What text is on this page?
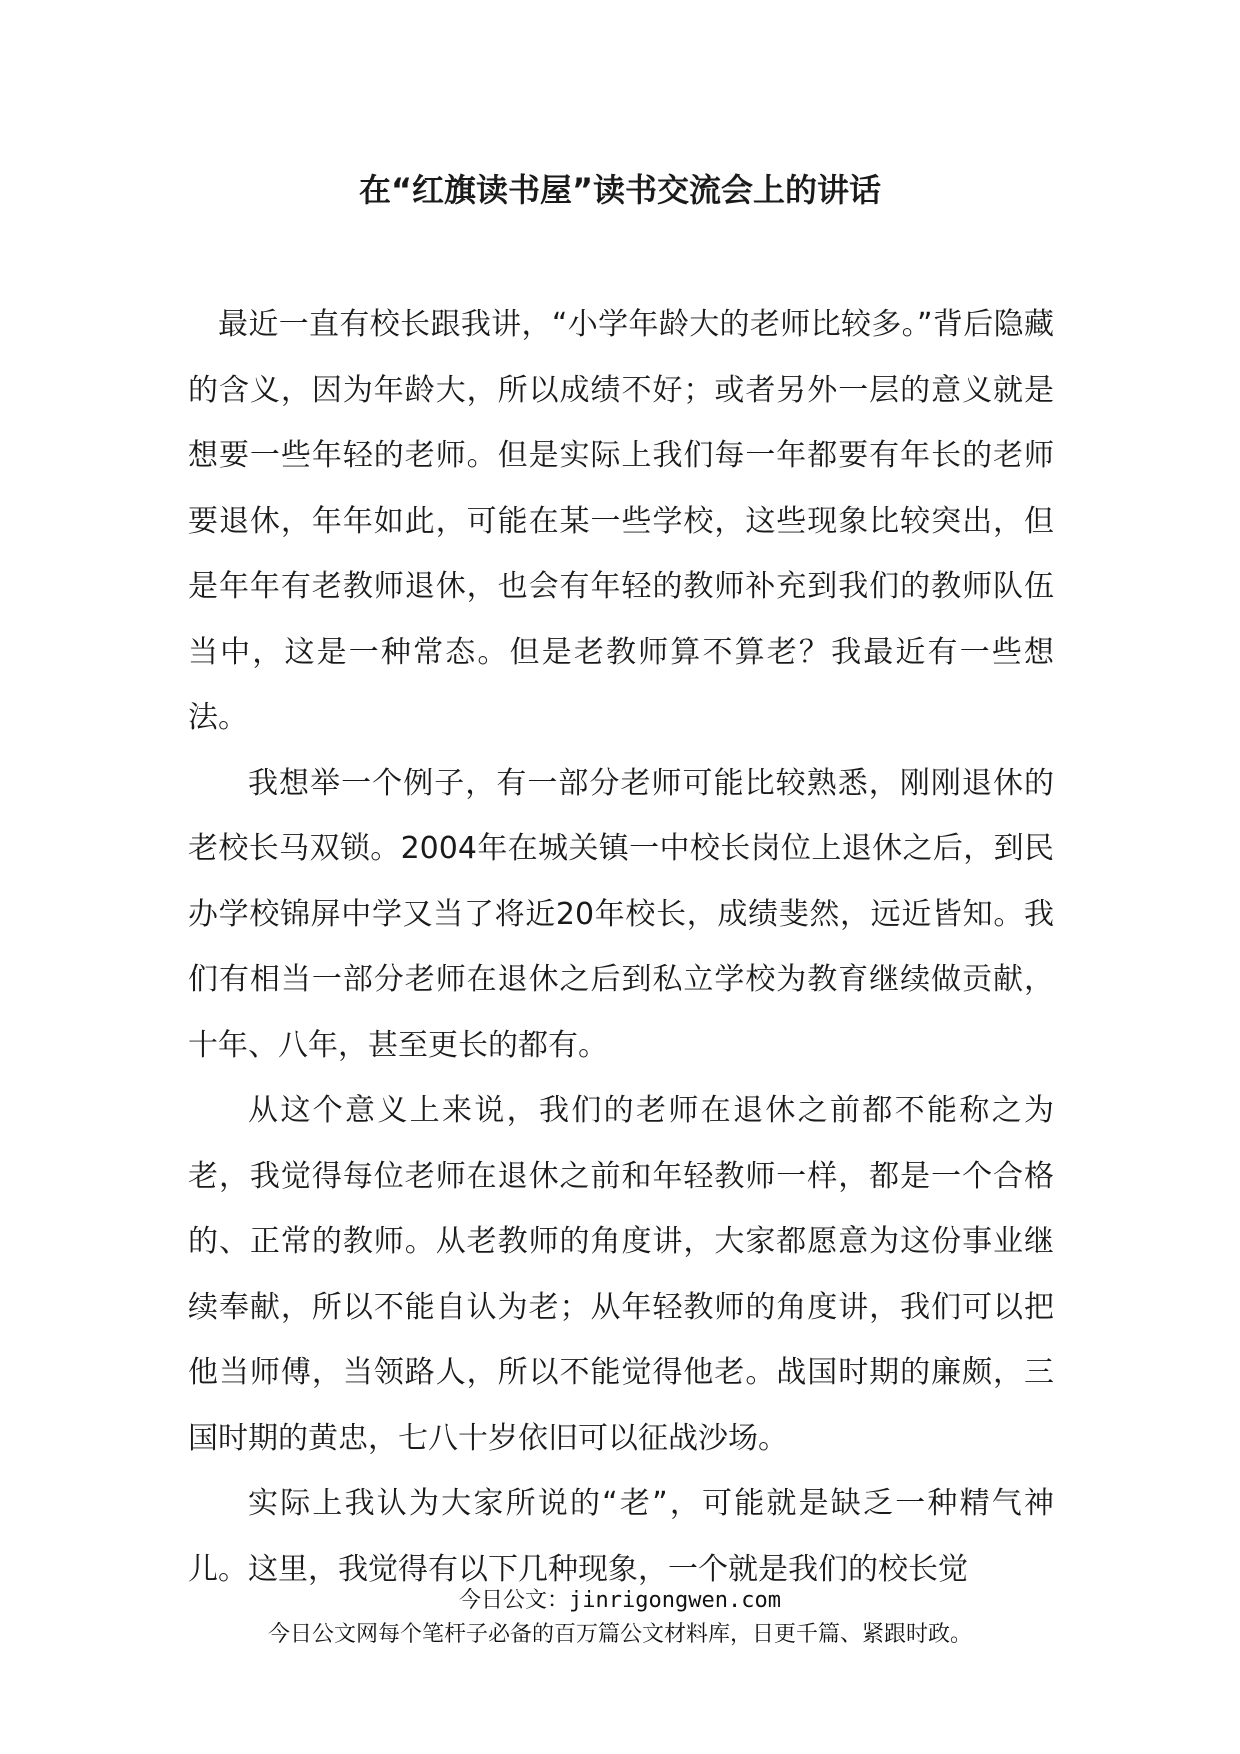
在“红旗读书屋”读书交流会上的讲话

最近一直有校长跟我讲，“小学年龄大的老师比较多。”背后隐藏的含义，因为年龄大，所以成绩不好；或者另外一层的意义就是想要一些年轻的老师。但是实际上我们每一年都要有年长的老师要退休，年年如此，可能在某一些学校，这些现象比较突出，但是年年有老教师退休，也会有年轻的教师补充到我们的教师队伍当中，这是一种常态。但是老教师算不算老？我最近有一些想法。

我想举一个例子，有一部分老师可能比较熟悉，刚刚退休的老校长马双锁。2004年在城关镇一中校长岗位上退休之后，到民办学校锦屏中学又当了将近20年校长，成绩斐然，远近皆知。我们有相当一部分老师在退休之后到私立学校为教育继续做贡献，十年、八年，甚至更长的都有。

从这个意义上来说，我们的老师在退休之前都不能称之为老，我觉得每位老师在退休之前和年轻教师一样，都是一个合格的、正常的教师。从老教师的角度讲，大家都愿意为这份事业继续奉献，所以不能自认为老；从年轻教师的角度讲，我们可以把他当师傅，当领路人，所以不能觉得他老。战国时期的廉颇，三国时期的黄忠，七八十岁依旧可以征战沙场。

实际上我认为大家所说的“老”，可能就是缺乏一种精气神儿。这里，我觉得有以下几种现象，一个就是我们的校长觉

今日公文：jinrigongwen.com
今日公文网每个笔杆子必备的百万篇公文材料库，日更千篇、紧跟时政。
